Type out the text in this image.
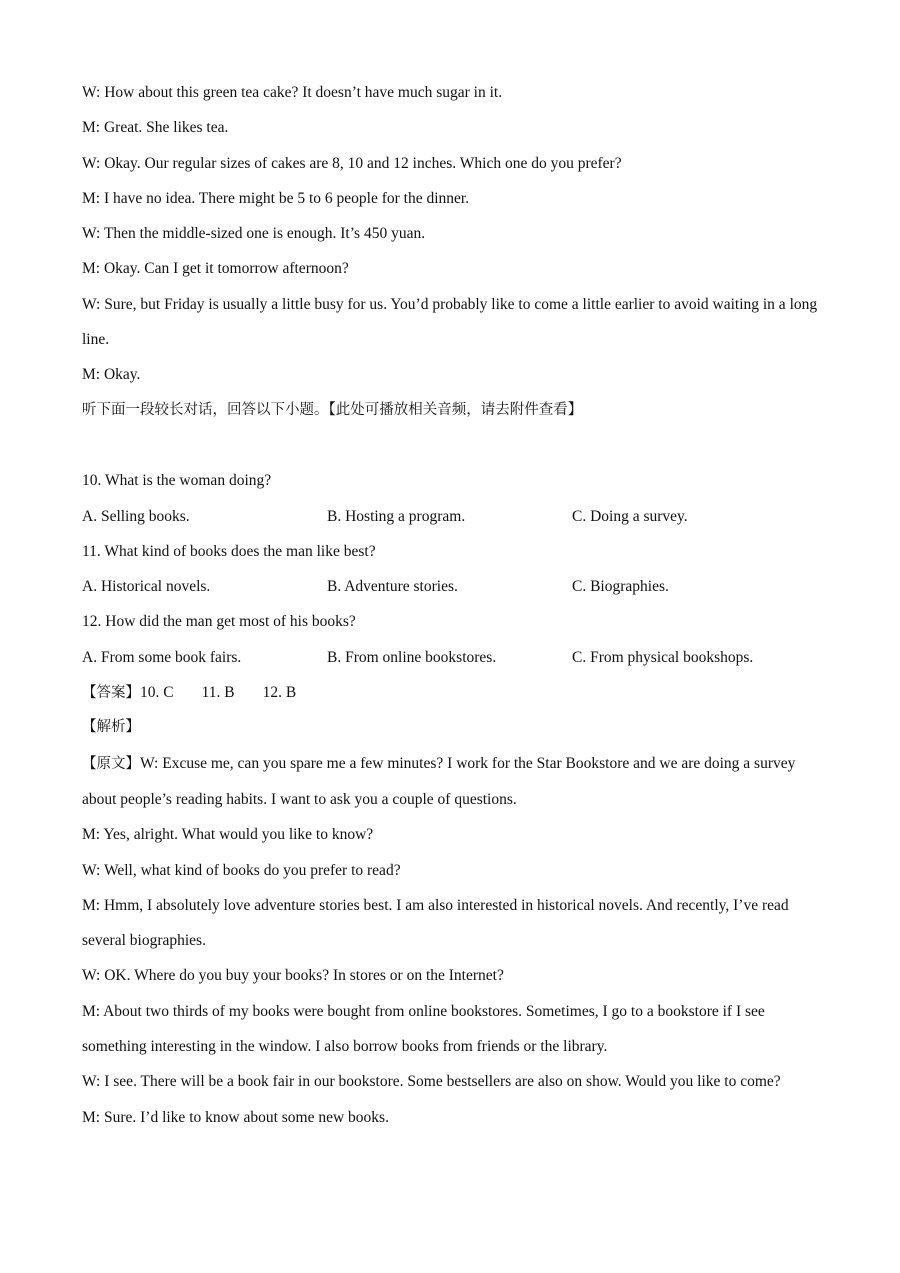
W: How about this green tea cake? It doesn’t have much sugar in it.
M: Great. She likes tea.
W: Okay. Our regular sizes of cakes are 8, 10 and 12 inches. Which one do you prefer?
M: I have no idea. There might be 5 to 6 people for the dinner.
W: Then the middle-sized one is enough. It’s 450 yuan.
M: Okay. Can I get it tomorrow afternoon?
W: Sure, but Friday is usually a little busy for us. You’d probably like to come a little earlier to avoid waiting in a long line.
M: Okay.
听下面一段较长对话，回答以下小题。【此处可播放相关音频，请去附件查看】
10. What is the woman doing?
A. Selling books.	B. Hosting a program.	C. Doing a survey.
11. What kind of books does the man like best?
A. Historical novels.	B. Adventure stories.	C. Biographies.
12. How did the man get most of his books?
A. From some book fairs.	B. From online bookstores.	C. From physical bookshops.
【答案】10. C 11. B 12. B
【解析】
【原文】W: Excuse me, can you spare me a few minutes? I work for the Star Bookstore and we are doing a survey about people’s reading habits. I want to ask you a couple of questions.
M: Yes, alright. What would you like to know?
W: Well, what kind of books do you prefer to read?
M: Hmm, I absolutely love adventure stories best. I am also interested in historical novels. And recently, I’ve read several biographies.
W: OK. Where do you buy your books? In stores or on the Internet?
M: About two thirds of my books were bought from online bookstores. Sometimes, I go to a bookstore if I see something interesting in the window. I also borrow books from friends or the library.
W: I see. There will be a book fair in our bookstore. Some bestsellers are also on show. Would you like to come?
M: Sure. I’d like to know about some new books.
